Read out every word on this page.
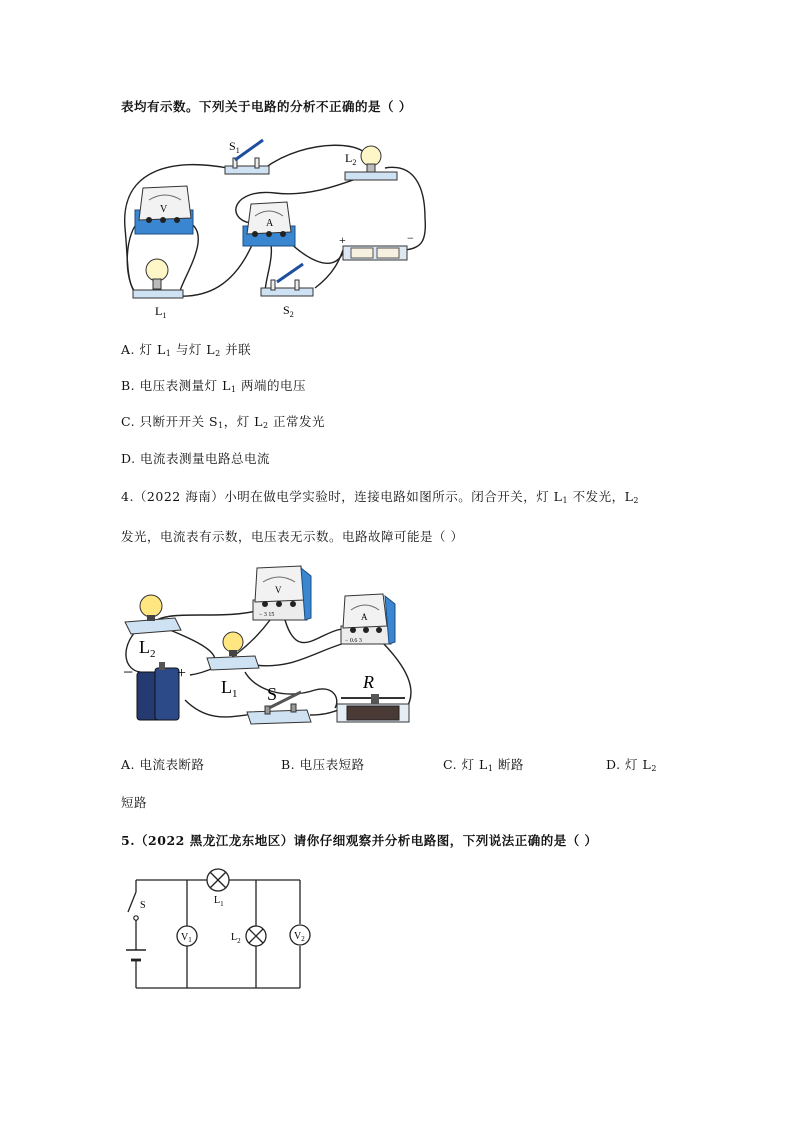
表均有示数。下列关于电路的分析不正确的是（ ）
$S_1$
$L_2$
V
A
+	−
$L_1$	$S_2$
A. 灯 $L_1$ 与灯 $L_2$ 并联
B. 电压表测量灯 $L_1$ 两端的电压
C. 只断开开关 $S_1$，灯 $L_2$ 正常发光
D. 电流表测量电路总电流
4.（2022 海南）小明在做电学实验时，连接电路如图所示。闭合开关，灯 $L_1$ 不发光，$L_2$
发光，电流表有示数，电压表无示数。电路故障可能是（ ）
$L_2$
−	+
V
− 3 15	A
− 0.6 3
$L_1$ S
R
A. 电流表断路	B. 电压表短路	C. 灯 $L_1$ 断路	D. 灯 $L_2$
短路
5.（2022 黑龙江龙东地区）请你仔细观察并分析电路图，下列说法正确的是（ ）
S	$L_1$
$V_1$	$L_2$	$V_2$
